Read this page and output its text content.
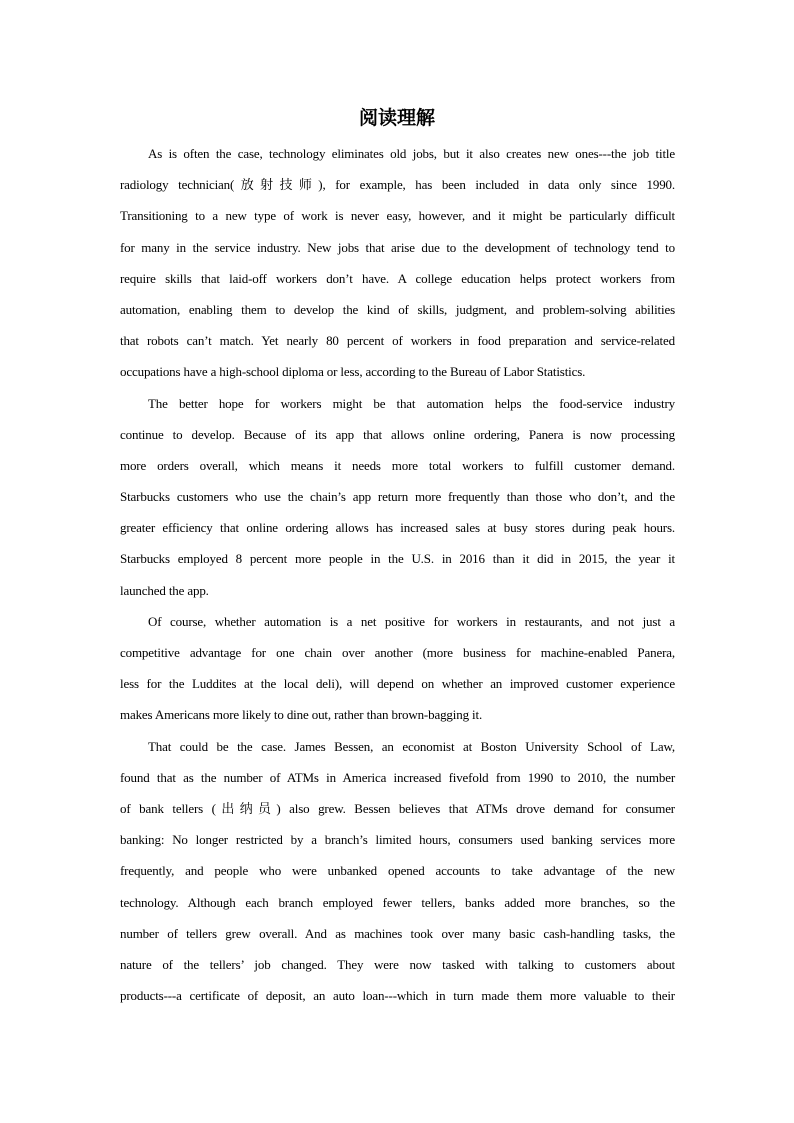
阅读理解
As is often the case, technology eliminates old jobs, but it also creates new ones---the job title
radiology technician(放射技师), for example, has been included in data only since 1990.
Transitioning to a new type of work is never easy, however, and it might be particularly difficult
for many in the service industry. New jobs that arise due to the development of technology tend to
require skills that laid-off workers don’t have. A college education helps protect workers from
automation, enabling them to develop the kind of skills, judgment, and problem-solving abilities
that robots can’t match. Yet nearly 80 percent of workers in food preparation and service-related
occupations have a high-school diploma or less, according to the Bureau of Labor Statistics.
The better hope for workers might be that automation helps the food-service industry
continue to develop. Because of its app that allows online ordering, Panera is now processing
more orders overall, which means it needs more total workers to fulfill customer demand.
Starbucks customers who use the chain’s app return more frequently than those who don’t, and the
greater efficiency that online ordering allows has increased sales at busy stores during peak hours.
Starbucks employed 8 percent more people in the U.S. in 2016 than it did in 2015, the year it
launched the app.
Of course, whether automation is a net positive for workers in restaurants, and not just a
competitive advantage for one chain over another (more business for machine-enabled Panera,
less for the Luddites at the local deli), will depend on whether an improved customer experience
makes Americans more likely to dine out, rather than brown-bagging it.
That could be the case. James Bessen, an economist at Boston University School of Law,
found that as the number of ATMs in America increased fivefold from 1990 to 2010, the number
of bank tellers (出纳员) also grew. Bessen believes that ATMs drove demand for consumer
banking: No longer restricted by a branch’s limited hours, consumers used banking services more
frequently, and people who were unbanked opened accounts to take advantage of the new
technology. Although each branch employed fewer tellers, banks added more branches, so the
number of tellers grew overall. And as machines took over many basic cash-handling tasks, the
nature of the tellers’ job changed. They were now tasked with talking to customers about
products---a certificate of deposit, an auto loan---which in turn made them more valuable to their
